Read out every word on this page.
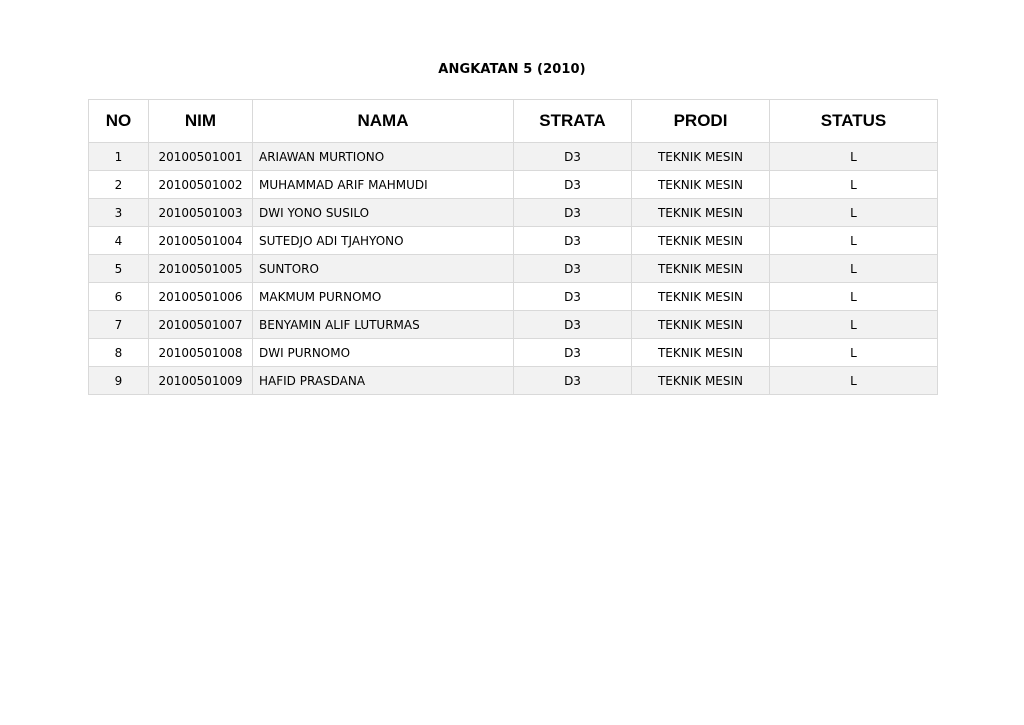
ANGKATAN 5 (2010)
NO	NIM	NAMA	STRATA	PRODI	STATUS
1	20100501001	ARIAWAN MURTIONO	D3	TEKNIK MESIN	L
2	20100501002	MUHAMMAD ARIF MAHMUDI	D3	TEKNIK MESIN	L
3	20100501003	DWI YONO SUSILO	D3	TEKNIK MESIN	L
4	20100501004	SUTEDJO ADI TJAHYONO	D3	TEKNIK MESIN	L
5	20100501005	SUNTORO	D3	TEKNIK MESIN	L
6	20100501006	MAKMUM PURNOMO	D3	TEKNIK MESIN	L
7	20100501007	BENYAMIN ALIF LUTURMAS	D3	TEKNIK MESIN	L
8	20100501008	DWI PURNOMO	D3	TEKNIK MESIN	L
9	20100501009	HAFID PRASDANA	D3	TEKNIK MESIN	L
